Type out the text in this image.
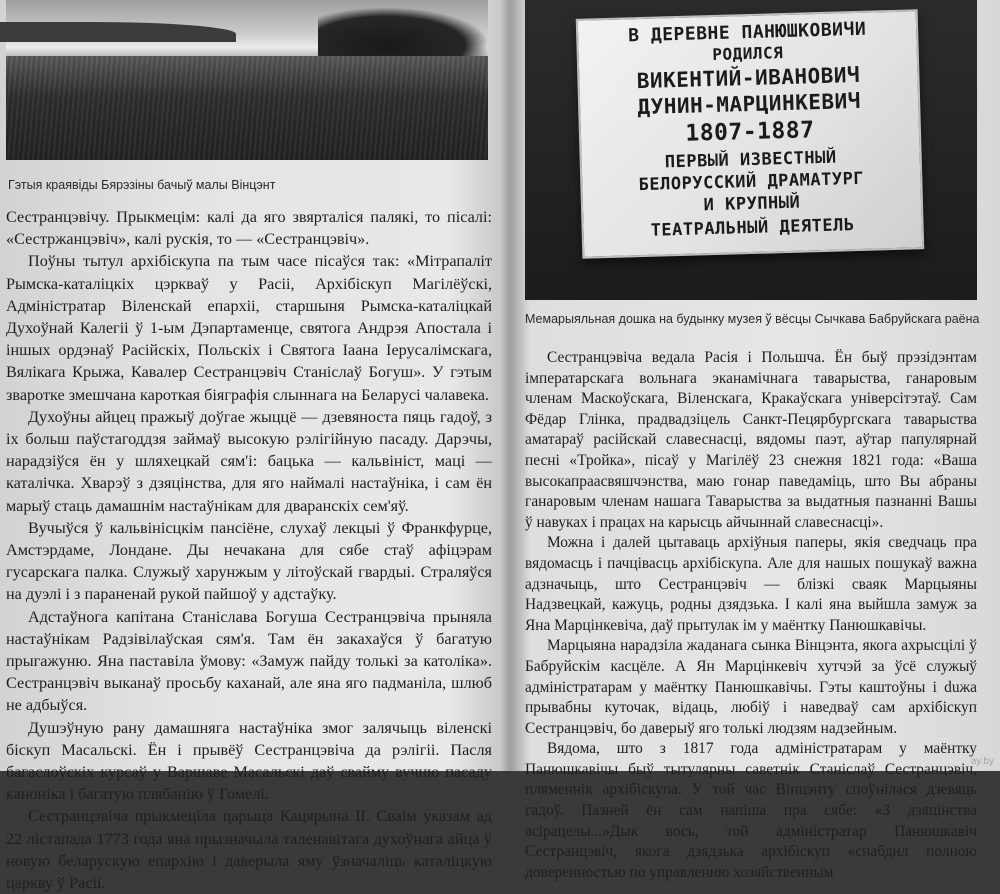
Гэтыя краявіды Бярэзіны бачыў малы Вінцэнт

Сестранцэвічу. Прыкмецім: калі да яго звярталіся палякі, то пісалі: «Сестржанцэвіч», калі рускія, то — «Сестранцэвіч».

Поўны тытул архібіскупа па тым часе пісаўся так: «Мітрапаліт Рымска-каталіцкіх цэркваў у Расіі, Архібіскуп Магілёўскі, Адміністратар Віленскай епархіі, старшыня Рымска-каталіцкай Духоўнай Калегіі ў 1-ым Дэпартаменце, святога Андрэя Апостала і іншых ордэнаў Расійскіх, Польскіх і Святога Іаана Іерусалімскага, Вялікага Крыжа, Кавалер Сестранцэвіч Станіслаў Богуш». У гэтым зваротке змешчана кароткая біяграфія слыннага на Беларусі чалавека.

Духоўны айцец пражыў доўгае жыццё — дзевяноста пяць гадоў, з іх больш паўстагоддзя займаў высокую рэлігійную пасаду. Дарэчы, нарадзіўся ён у шляхецкай сям'і: бацька — кальвініст, маці — каталічка. Хварэў з дзяцінства, для яго наймалі настаўніка, і сам ён марыў стаць дамашнім настаўнікам для дваранскіх сем'яў.

Вучыўся ў кальвінісцкім пансіёне, слухаў лекцыі ў Франкфурце, Амстэрдаме, Лондане. Ды нечакана для сябе стаў афіцэрам гусарскага палка. Служыў харунжым у літоўскай гвардыі. Страляўся на дуэлі і з параненай рукой пайшоў у адстаўку.

Адстаўнога капітана Станіслава Богуша Сестранцэвіча прыняла настаўнікам Радзівілаўская сям'я. Там ён закахаўся ў багатую прыгажуню. Яна паставіла ўмову: «Замуж пайду толькі за католіка». Сестранцэвіч выканаў просьбу каханай, але яна яго падманіла, шлюб не адбыўся.

Душэўную рану дамашняга настаўніка змог залячыць віленскі біскуп Масальскі. Ён і прывёў Сестранцэвіча да рэлігіі. Пасля багаслоўскіх курсаў у Варшаве Масальскі даў свайму вучню пасаду каноніка і багатую плябанію ў Гомелі.

Сестранцэвіча прыкмеціла царыца Кацярына II. Сваім указам ад 22 лістапада 1773 года яна прызначыла таленавітага духоўнага айца ў новую беларускую епархію і даверыла яму ўзначаліць каталіцкую царкву ў Расіі.

В ДЕРЕВНЕ ПАНЮШКОВИЧИ
РОДИЛСЯ
ВИКЕНТИЙ-ИВАНОВИЧ
ДУНИН-МАРЦИНКЕВИЧ
1807-1887
ПЕРВЫЙ ИЗВЕСТНЫЙ
БЕЛОРУССКИЙ ДРАМАТУРГ
И КРУПНЫЙ
ТЕАТРАЛЬНЫЙ ДЕЯТЕЛЬ
Мемарыяльная дошка на будынку музея ў вёсцы Сычкава Бабруйскага раёна

Сестранцэвіча ведала Расія і Польшча. Ён быў прэзідэнтам імператарскага вольнага эканамічнага таварыства, ганаровым членам Маскоўскага, Віленскага, Кракаўскага універсітэтаў. Сам Фёдар Глінка, прадвадзіцель Санкт-Пецярбургскага таварыства аматараў расійскай славеснасці, вядомы паэт, аўтар папулярнай песні «Тройка», пісаў у Магілёў 23 снежня 1821 года: «Ваша высокапраасвяшчэнства, маю гонар паведаміць, што Вы абраны ганаровым членам нашага Таварыства за выдатныя пазнанні Вашы ў навуках і працах на карысць айчыннай славеснасці».

Можна і далей цытаваць архіўныя паперы, якія сведчаць пра вядомасць і пачцівасць архібіскупа. Але для нашых пошукаў важна адзначыць, што Сестранцэвіч — блізкі сваяк Марцыяны Надзвецкай, кажуць, родны дзядзька. І калі яна выйшла замуж за Яна Марцінкевіча, даў прытулак ім у маёнтку Панюшкавічы.

Марцыяна нарадзіла жаданага сынка Вінцэнта, якога ахрысцілі ў Бабруйскім касцёле. А Ян Марцінкевіч хутчэй за ўсё служыў адміністратарам у маёнтку Панюшкавічы. Гэты каштоўны і duжа прывабны куточак, відаць, любіў і наведваў сам архібіскуп Сестранцэвіч, бо даверыў яго толькі людзям надзейным.

Вядома, што з 1817 года адміністратарам у маёнтку Панюшкавічы быў тытулярны саветнік Станіслаў Сестранцэвіч, пляменнік архібіскупа. У той час Вінцэнту споўнілася дзевяць гадоў. Пазней ён сам напіша пра сябе: «З дзяцінства асірацелы...»Дык вось, той адміністратар Панюшкавіч Сестранцэвіч, якога дзядзька архібіскуп «снабдил полною доверенностью по управлению хозяйственным

ay.by
